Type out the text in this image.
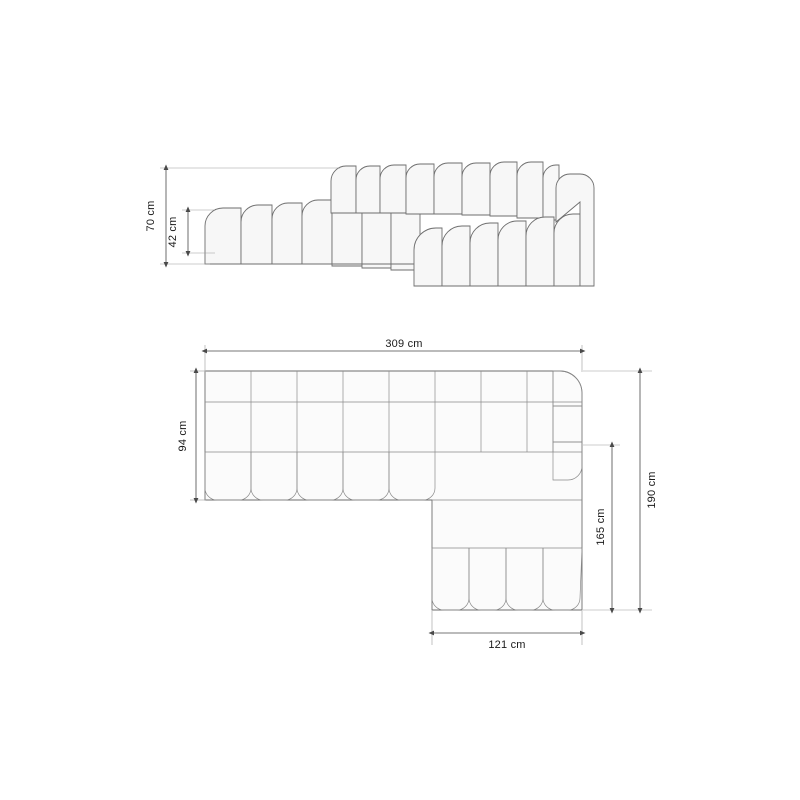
70 cm
42 cm
309 cm
94 cm
190 cm
165 cm
121 cm
